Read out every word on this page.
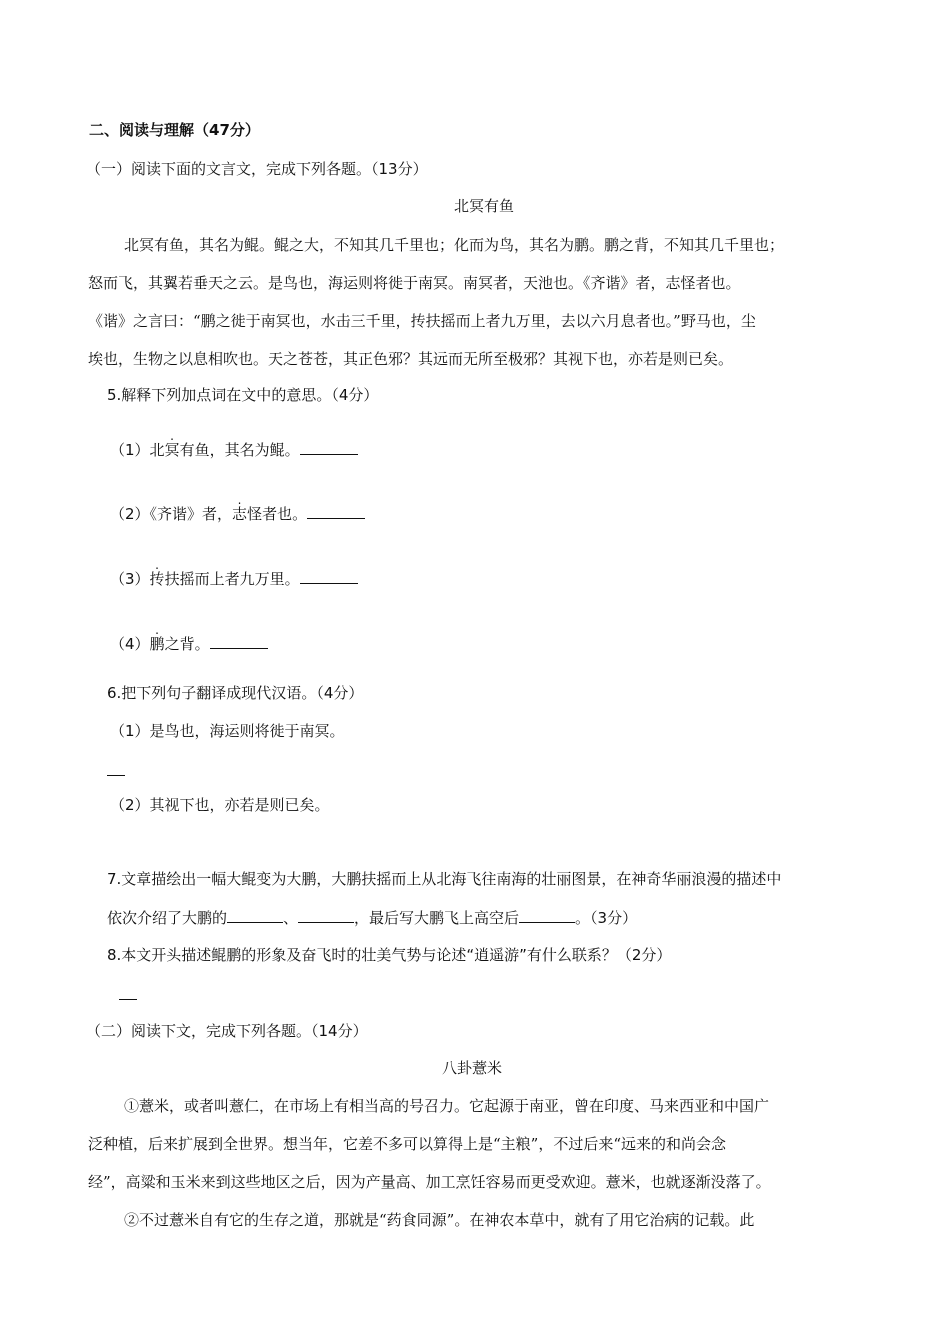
二、阅读与理解（47分）
（一）阅读下面的文言文，完成下列各题。（13分）
北冥有鱼
北冥有鱼，其名为鲲。鲲之大，不知其几千里也；化而为鸟，其名为鹏。鹏之背，不知其几千里也；
怒而飞，其翼若垂天之云。是鸟也，海运则将徙于南冥。南冥者，天池也。《齐谐》者，志怪者也。
《谐》之言曰：“鹏之徙于南冥也，水击三千里，抟扶摇而上者九万里，去以六月息者也。”野马也，尘
埃也，生物之以息相吹也。天之苍苍，其正色邪？其远而无所至极邪？其视下也，亦若是则已矣。
5.解释下列加点词在文中的意思。（4分）
（1）北
.
冥有鱼，其名为鲲。
（2）《齐谐》者，
.
志怪者也。
（3）
.
抟扶摇而上者九万里。
（4）
.
鹏之背。
6.把下列句子翻译成现代汉语。（4分）
（1）是鸟也，海运则将徙于南冥。
（2）其视下也，亦若是则已矣。
7.文章描绘出一幅大鲲变为大鹏，大鹏扶摇而上从北海飞往南海的壮丽图景，在神奇华丽浪漫的描述中
依次介绍了大鹏的	、	，最后写大鹏飞上高空后	。（3分）
8.本文开头描述鲲鹏的形象及奋飞时的壮美气势与论述“逍遥游”有什么联系？（2分）
（二）阅读下文，完成下列各题。（14分）
八卦薏米
①薏米，或者叫薏仁，在市场上有相当高的号召力。它起源于南亚，曾在印度、马来西亚和中国广
泛种植，后来扩展到全世界。想当年，它差不多可以算得上是“主粮”，不过后来“远来的和尚会念
经”，高粱和玉米来到这些地区之后，因为产量高、加工烹饪容易而更受欢迎。薏米，也就逐渐没落了。
②不过薏米自有它的生存之道，那就是“药食同源”。在神农本草中，就有了用它治病的记载。此
